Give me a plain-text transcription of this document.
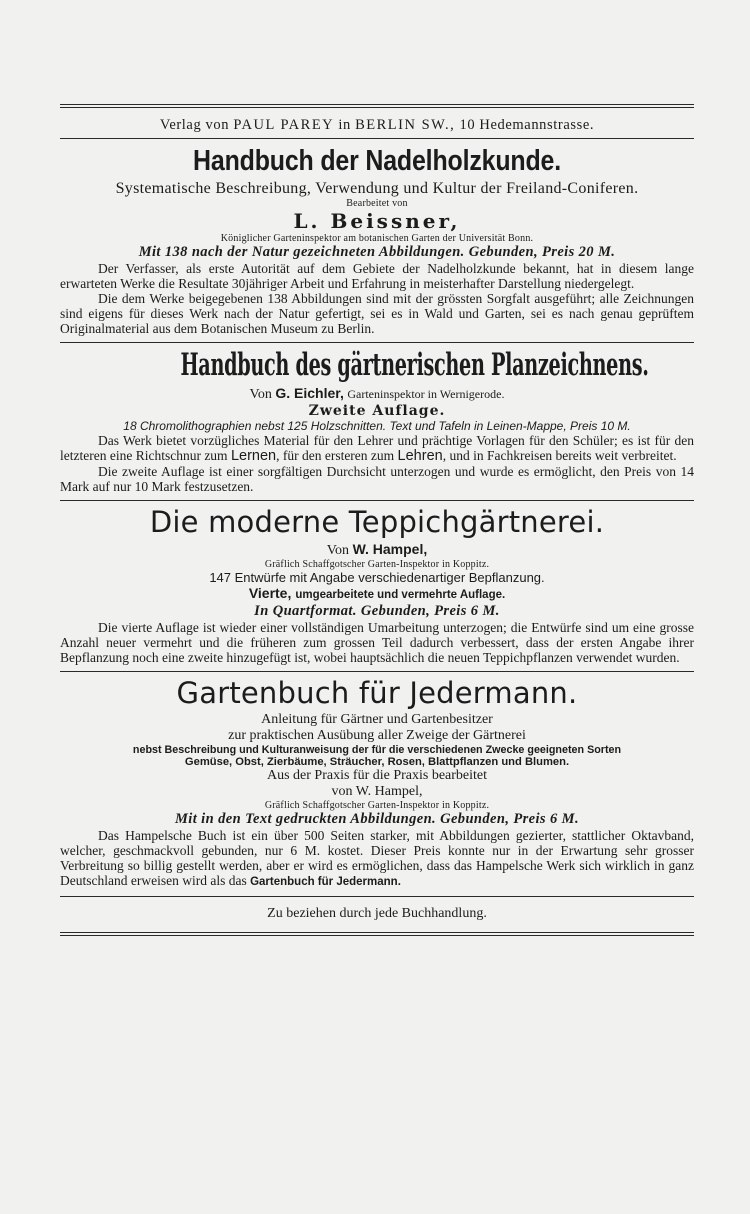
Verlag von PAUL PAREY in BERLIN SW., 10 Hedemannstrasse.
Handbuch der Nadelholzkunde.
Systematische Beschreibung, Verwendung und Kultur der Freiland-Coniferen.
Bearbeitet von
L. Beissner,
Königlicher Garteninspektor am botanischen Garten der Universität Bonn.
Mit 138 nach der Natur gezeichneten Abbildungen. Gebunden, Preis 20 M.

Der Verfasser, als erste Autorität auf dem Gebiete der Nadelholzkunde bekannt, hat in diesem lange erwarteten Werke die Resultate 30jähriger Arbeit und Erfahrung in meisterhafter Darstellung niedergelegt.

Die dem Werke beigegebenen 138 Abbildungen sind mit der grössten Sorgfalt ausgeführt; alle Zeichnungen sind eigens für dieses Werk nach der Natur gefertigt, sei es in Wald und Garten, sei es nach genau geprüftem Originalmaterial aus dem Botanischen Museum zu Berlin.

Handbuch des gärtnerischen Planzeichnens.
Von G. Eichler, Garteninspektor in Wernigerode.
Zweite Auflage.
18 Chromolithographien nebst 125 Holzschnitten. Text und Tafeln in Leinen-Mappe, Preis 10 M.

Das Werk bietet vorzügliches Material für den Lehrer und prächtige Vorlagen für den Schüler; es ist für den letzteren eine Richtschnur zum Lernen, für den ersteren zum Lehren, und in Fachkreisen bereits weit verbreitet.

Die zweite Auflage ist einer sorgfältigen Durchsicht unterzogen und wurde es ermöglicht, den Preis von 14 Mark auf nur 10 Mark festzusetzen.

Die moderne Teppichgärtnerei.
Von W. Hampel,
Gräflich Schaffgotscher Garten-Inspektor in Koppitz.
147 Entwürfe mit Angabe verschiedenartiger Bepflanzung.
Vierte, umgearbeitete und vermehrte Auflage.
In Quartformat. Gebunden, Preis 6 M.

Die vierte Auflage ist wieder einer vollständigen Umarbeitung unterzogen; die Entwürfe sind um eine grosse Anzahl neuer vermehrt und die früheren zum grossen Teil dadurch verbessert, dass der ersten Angabe ihrer Bepflanzung noch eine zweite hinzugefügt ist, wobei hauptsächlich die neuen Teppichpflanzen verwendet wurden.

Gartenbuch für Jedermann.
Anleitung für Gärtner und Gartenbesitzer
zur praktischen Ausübung aller Zweige der Gärtnerei
nebst Beschreibung und Kulturanweisung der für die verschiedenen Zwecke geeigneten Sorten
Gemüse, Obst, Zierbäume, Sträucher, Rosen, Blattpflanzen und Blumen.
Aus der Praxis für die Praxis bearbeitet
von W. Hampel,
Gräflich Schaffgotscher Garten-Inspektor in Koppitz.
Mit in den Text gedruckten Abbildungen. Gebunden, Preis 6 M.

Das Hampelsche Buch ist ein über 500 Seiten starker, mit Abbildungen gezierter, stattlicher Oktavband, welcher, geschmackvoll gebunden, nur 6 M. kostet. Dieser Preis konnte nur in der Erwartung sehr grosser Verbreitung so billig gestellt werden, aber er wird es ermöglichen, dass das Hampelsche Werk sich wirklich in ganz Deutschland erweisen wird als das Gartenbuch für Jedermann.

Zu beziehen durch jede Buchhandlung.
